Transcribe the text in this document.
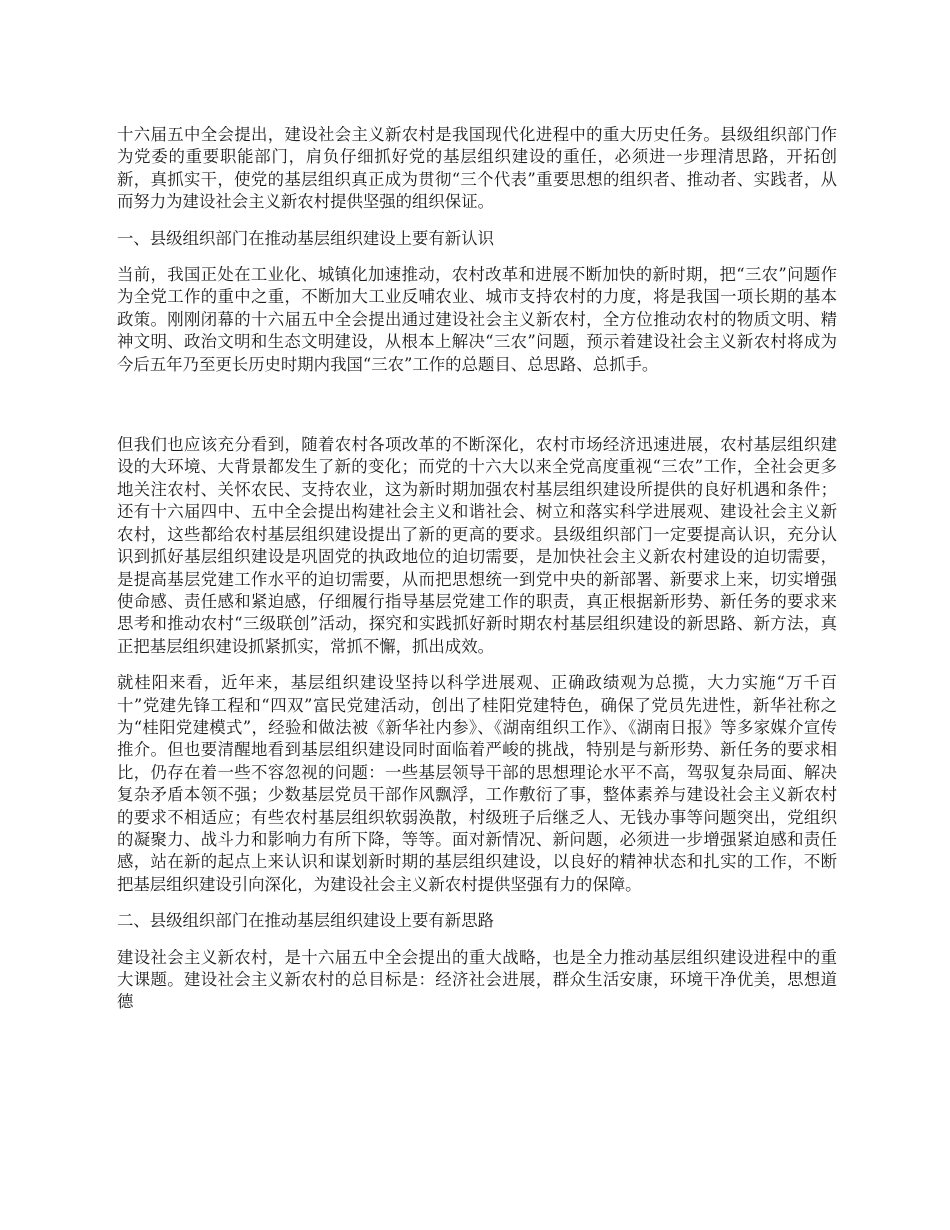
十六届五中全会提出，建设社会主义新农村是我国现代化进程中的重大历史任务。县级组织部门作为党委的重要职能部门，肩负仔细抓好党的基层组织建设的重任，必须进一步理清思路，开拓创新，真抓实干，使党的基层组织真正成为贯彻“三个代表”重要思想的组织者、推动者、实践者，从而努力为建设社会主义新农村提供坚强的组织保证。

一、县级组织部门在推动基层组织建设上要有新认识

当前，我国正处在工业化、城镇化加速推动，农村改革和进展不断加快的新时期，把“三农”问题作为全党工作的重中之重，不断加大工业反哺农业、城市支持农村的力度，将是我国一项长期的基本政策。刚刚闭幕的十六届五中全会提出通过建设社会主义新农村，全方位推动农村的物质文明、精神文明、政治文明和生态文明建设，从根本上解决“三农”问题，预示着建设社会主义新农村将成为今后五年乃至更长历史时期内我国“三农”工作的总题目、总思路、总抓手。

但我们也应该充分看到，随着农村各项改革的不断深化，农村市场经济迅速进展，农村基层组织建设的大环境、大背景都发生了新的变化；而党的十六大以来全党高度重视“三农”工作，全社会更多地关注农村、关怀农民、支持农业，这为新时期加强农村基层组织建设所提供的良好机遇和条件；还有十六届四中、五中全会提出构建社会主义和谐社会、树立和落实科学进展观、建设社会主义新农村，这些都给农村基层组织建设提出了新的更高的要求。县级组织部门一定要提高认识，充分认识到抓好基层组织建设是巩固党的执政地位的迫切需要，是加快社会主义新农村建设的迫切需要，是提高基层党建工作水平的迫切需要，从而把思想统一到党中央的新部署、新要求上来，切实增强使命感、责任感和紧迫感，仔细履行指导基层党建工作的职责，真正根据新形势、新任务的要求来思考和推动农村“三级联创”活动，探究和实践抓好新时期农村基层组织建设的新思路、新方法，真正把基层组织建设抓紧抓实，常抓不懈，抓出成效。

就桂阳来看，近年来，基层组织建设坚持以科学进展观、正确政绩观为总揽，大力实施“万千百十”党建先锋工程和“四双”富民党建活动，创出了桂阳党建特色，确保了党员先进性，新华社称之为“桂阳党建模式”，经验和做法被《新华社内参》、《湖南组织工作》、《湖南日报》等多家媒介宣传推介。但也要清醒地看到基层组织建设同时面临着严峻的挑战，特别是与新形势、新任务的要求相比，仍存在着一些不容忽视的问题：一些基层领导干部的思想理论水平不高，驾驭复杂局面、解决复杂矛盾本领不强；少数基层党员干部作风飘浮，工作敷衍了事，整体素养与建设社会主义新农村的要求不相适应；有些农村基层组织软弱涣散，村级班子后继乏人、无钱办事等问题突出，党组织的凝聚力、战斗力和影响力有所下降，等等。面对新情况、新问题，必须进一步增强紧迫感和责任感，站在新的起点上来认识和谋划新时期的基层组织建设，以良好的精神状态和扎实的工作，不断把基层组织建设引向深化，为建设社会主义新农村提供坚强有力的保障。

二、县级组织部门在推动基层组织建设上要有新思路

建设社会主义新农村，是十六届五中全会提出的重大战略，也是全力推动基层组织建设进程中的重大课题。建设社会主义新农村的总目标是：经济社会进展，群众生活安康，环境干净优美，思想道德
